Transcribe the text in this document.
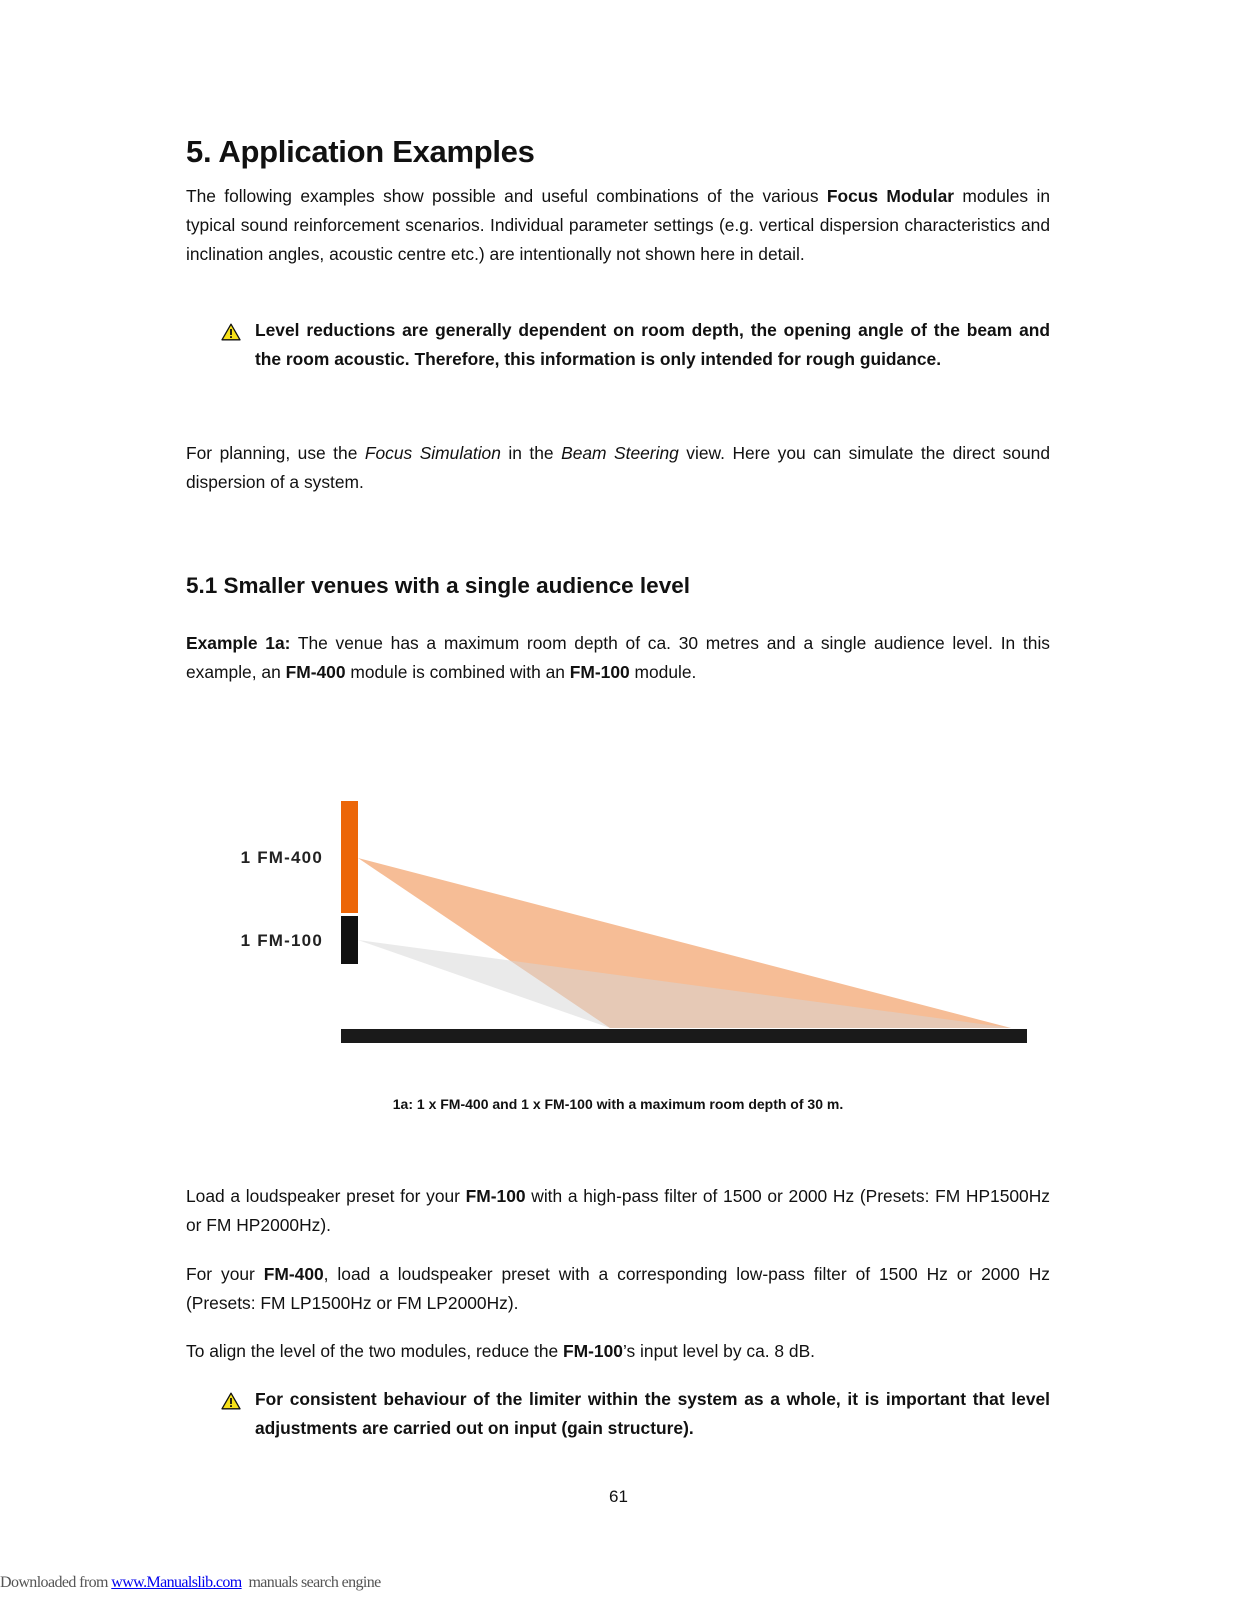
5. Application Examples

The following examples show possible and useful combinations of the various Focus Modular modules in typical sound reinforcement scenarios. Individual parameter settings (e.g. vertical dispersion characteristics and inclination angles, acoustic centre etc.) are intentionally not shown here in detail.

Level reductions are generally dependent on room depth, the opening angle of the beam and the room acoustic. Therefore, this information is only intended for rough guidance.

For planning, use the Focus Simulation in the Beam Steering view. Here you can simulate the direct sound dispersion of a system.

5.1 Smaller venues with a single audience level

Example 1a: The venue has a maximum room depth of ca. 30 metres and a single audience level. In this example, an FM-400 module is combined with an FM-100 module.

1 FM-400
1 FM-100

1a: 1 x FM-400 and 1 x FM-100 with a maximum room depth of 30 m.

Load a loudspeaker preset for your FM-100 with a high-pass filter of 1500 or 2000 Hz (Presets: FM HP1500Hz or FM HP2000Hz).

For your FM-400, load a loudspeaker preset with a corresponding low-pass filter of 1500 Hz or 2000 Hz (Presets: FM LP1500Hz or FM LP2000Hz).

To align the level of the two modules, reduce the FM-100’s input level by ca. 8 dB.

For consistent behaviour of the limiter within the system as a whole, it is important that level adjustments are carried out on input (gain structure).

61

Downloaded from www.Manualslib.com  manuals search engine
